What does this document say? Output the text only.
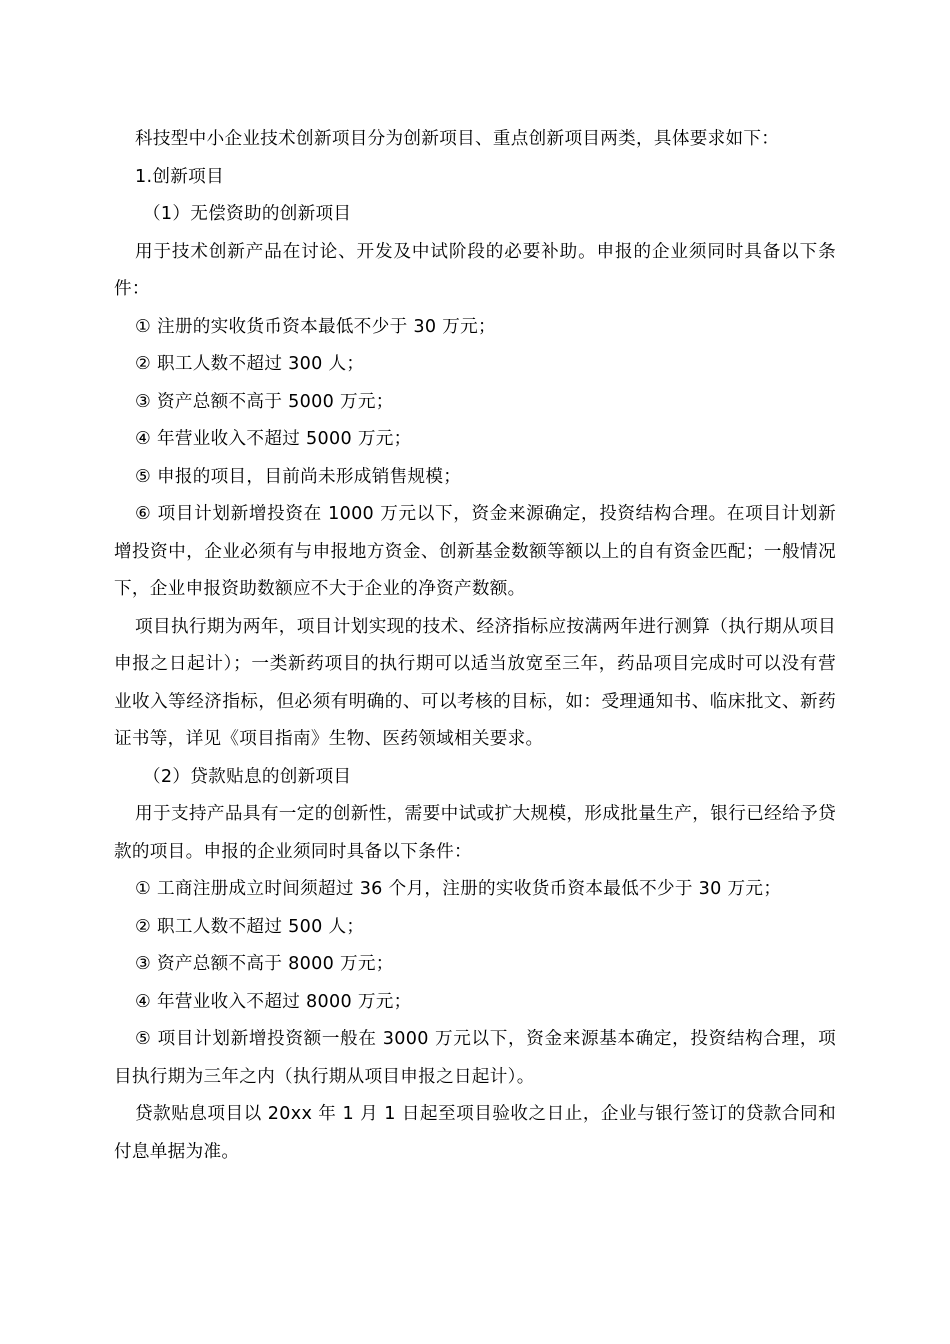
科技型中小企业技术创新项目分为创新项目、重点创新项目两类，具体要求如下：

1.创新项目

（1）无偿资助的创新项目

用于技术创新产品在讨论、开发及中试阶段的必要补助。申报的企业须同时具备以下条件：

① 注册的实收货币资本最低不少于 30 万元；

② 职工人数不超过 300 人；

③ 资产总额不高于 5000 万元；

④ 年营业收入不超过 5000 万元；

⑤ 申报的项目，目前尚未形成销售规模；

⑥ 项目计划新增投资在 1000 万元以下，资金来源确定，投资结构合理。在项目计划新增投资中，企业必须有与申报地方资金、创新基金数额等额以上的自有资金匹配；一般情况下，企业申报资助数额应不大于企业的净资产数额。

项目执行期为两年，项目计划实现的技术、经济指标应按满两年进行测算（执行期从项目申报之日起计）；一类新药项目的执行期可以适当放宽至三年，药品项目完成时可以没有营业收入等经济指标，但必须有明确的、可以考核的目标，如：受理通知书、临床批文、新药证书等，详见《项目指南》生物、医药领域相关要求。

（2）贷款贴息的创新项目

用于支持产品具有一定的创新性，需要中试或扩大规模，形成批量生产，银行已经给予贷款的项目。申报的企业须同时具备以下条件：

① 工商注册成立时间须超过 36 个月，注册的实收货币资本最低不少于 30 万元；

② 职工人数不超过 500 人；

③ 资产总额不高于 8000 万元；

④ 年营业收入不超过 8000 万元；

⑤ 项目计划新增投资额一般在 3000 万元以下，资金来源基本确定，投资结构合理，项目执行期为三年之内（执行期从项目申报之日起计）。

贷款贴息项目以 20xx 年 1 月 1 日起至项目验收之日止，企业与银行签订的贷款合同和付息单据为准。
